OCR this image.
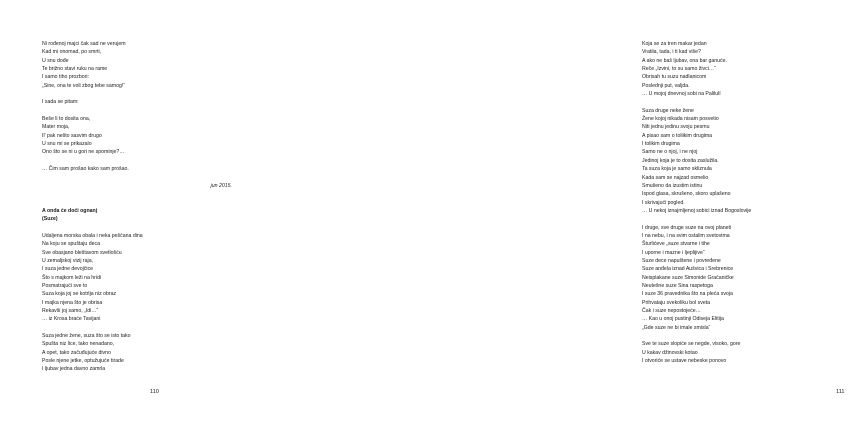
Ni rođenoj majci čak sad ne verujem
Kad mi onomad, po smrti,
U snu dođe
Te brižno stavi ruku na rame
I samo tiho prozbori:
„Sine, ona te voli zbog tebe samog!“
I sada se pitam:
Beše li to dosita ona,
Mater moja,
Il' pak nešto sasvim drugo
U snu mi se prikazalo
Ono što se ni u gori ne spominje?…
… Čim sam prošao kako sam prošao.
jun 2015.
A onda će doći ognanj
(Suze)
Udaljena morska obala i neka peščana dina
Na koju se spuštaju deca
Sve obasjano bleštavom svetlošću
U zemaljskoj vizij raja,
I suza jedne devojčice
Što s majkom leži na hridi
Posmatrajući sve to
Suza koja joj se kotrlja niz obraz
I majka njena što je obrisa
Rekavši joj samo, „Idi…“
… iz Krosa braće Tavijani
Suza jedne žene, suza što se isto tako
Spušta niz lice, tako nenadano,
A opet, tako začuđujuće divno
Posle njene jetke, optužujuće tirade
I ljubav jedna davno zamrla
110
Koja se za tren makar jedan
Vratila, tada, i ti kad više?
A ako ne baš ljubav, ona bar ganuće.
Reče „Izvini, to su samo živci…“
Obrisah tu suzu nadlanicom
Poslednji put, valjda.
… U mojoj dnevnoj sobi na Palilulí
Suza druge neke žene
Žene kojoj nikada nisam posvetio
Niti jednu jedinu svoju pesmu
A pisao sam o toliikim drugima
I tolikim drugima
Samo ne o njoj, i ne njoj
Jedinoj koja je to dosita zaslužila.
Ta suza koja je samo skliznula
Kada sam se najzad osmelio
Smušeno da izustim istinu
Ispod glasa, skrušeno, skoro uplašeno
I skrivajući pogled.
… U nekoj iznajmljenoj sobici iznad Bogoslovije
I druge, sve druge suze na ovoj planeti
I na nebu, i na svim ostalim svetovima
Šturlićeve „suze stvarne i tihe
I uporne i mazne i ljeplijive“
Suze dece napuštene i povređene
Suze anđela iznad Aušvica i Srebrenice
Neisplakane suze Simonide Gračaničke
Neutešne suze Sina raspetoga
I suze 36 pravednika što na plećа svoja
Prihvataju svekoliku bol sveta
Čak i suze nepostojeće…
… Kao u onoj pustinji Odiseja Elitija
„Gde suze ne bi imale smisla“
Sve te suze slopiće se negde, visoko, gore
U kakav džinovski kotao
I otvoriće se ustave nebeske ponovo
111
